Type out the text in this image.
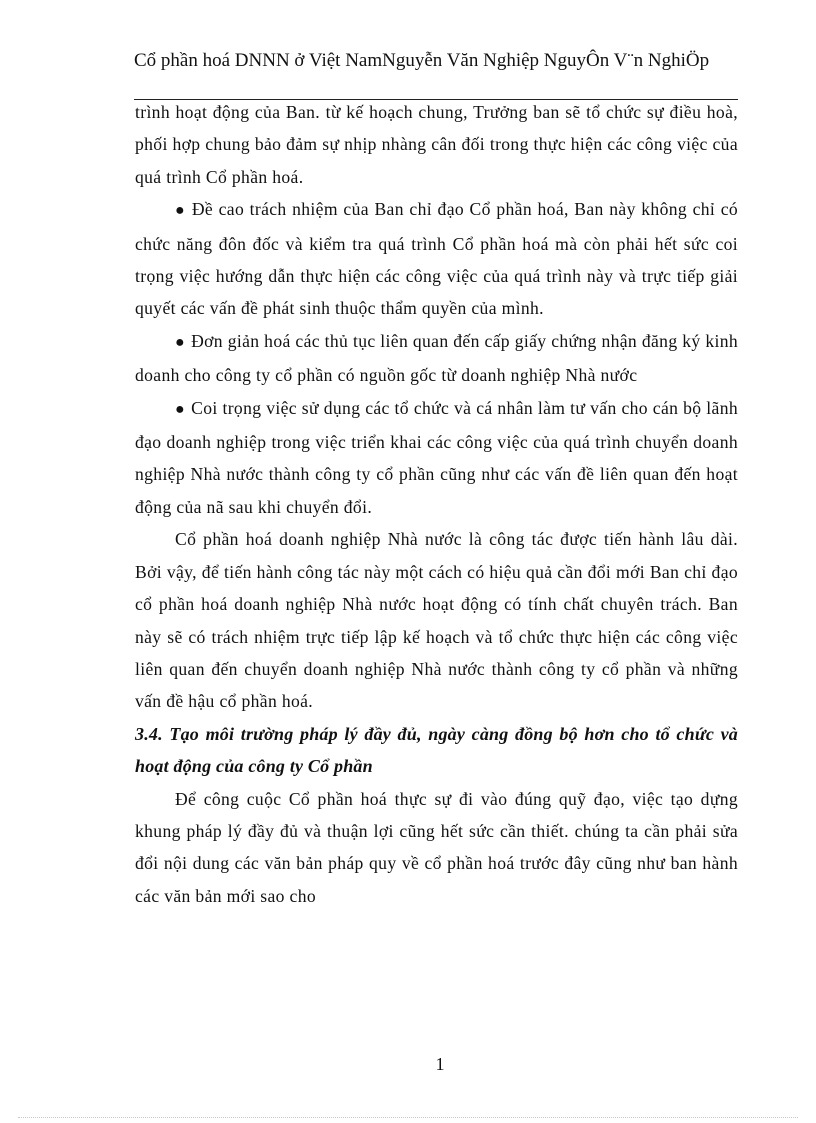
Cổ phần hoá DNNN ở Việt NamNguyễn Văn Nghiệp NguyÔn V¨n NghiÖp

trình hoạt động của Ban. từ kế hoạch chung, Trưởng ban sẽ tổ chức sự điều hoà, phối hợp chung bảo đảm sự nhịp nhàng cân đối trong thực hiện các công việc của quá trình Cổ phần hoá.

● Đề cao trách nhiệm của Ban chỉ đạo Cổ phần hoá, Ban này không chỉ có chức năng đôn đốc và kiểm tra quá trình Cổ phần hoá mà còn phải hết sức coi trọng việc hướng dẫn thực hiện các công việc của quá trình này và trực tiếp giải quyết các vấn đề phát sinh thuộc thẩm quyền của mình.

● Đơn giản hoá các thủ tục liên quan đến cấp giấy chứng nhận đăng ký kinh doanh cho công ty cổ phần có nguồn gốc từ doanh nghiệp Nhà nước

● Coi trọng việc sử dụng các tổ chức và cá nhân làm tư vấn cho cán bộ lãnh đạo doanh nghiệp trong việc triển khai các công việc của quá trình chuyển doanh nghiệp Nhà nước thành công ty cổ phần cũng như các vấn đề liên quan đến hoạt động của nã sau khi chuyển đổi.

Cổ phần hoá doanh nghiệp Nhà nước là công tác được tiến hành lâu dài. Bởi vậy, để tiến hành công tác này một cách có hiệu quả cần đổi mới Ban chỉ đạo cổ phần hoá doanh nghiệp Nhà nước hoạt động có tính chất chuyên trách. Ban này sẽ có trách nhiệm trực tiếp lập kế hoạch và tổ chức thực hiện các công việc liên quan đến chuyển doanh nghiệp Nhà nước thành công ty cổ phần và những vấn đề hậu cổ phần hoá.

3.4. Tạo môi trường pháp lý đầy đủ, ngày càng đồng bộ hơn cho tổ chức và hoạt động của công ty Cổ phần

Để công cuộc Cổ phần hoá thực sự đi vào đúng quỹ đạo, việc tạo dựng khung pháp lý đầy đủ và thuận lợi cũng hết sức cần thiết. chúng ta cần phải sửa đổi nội dung các văn bản pháp quy về cổ phần hoá trước đây cũng như ban hành các văn bản mới sao cho

1
